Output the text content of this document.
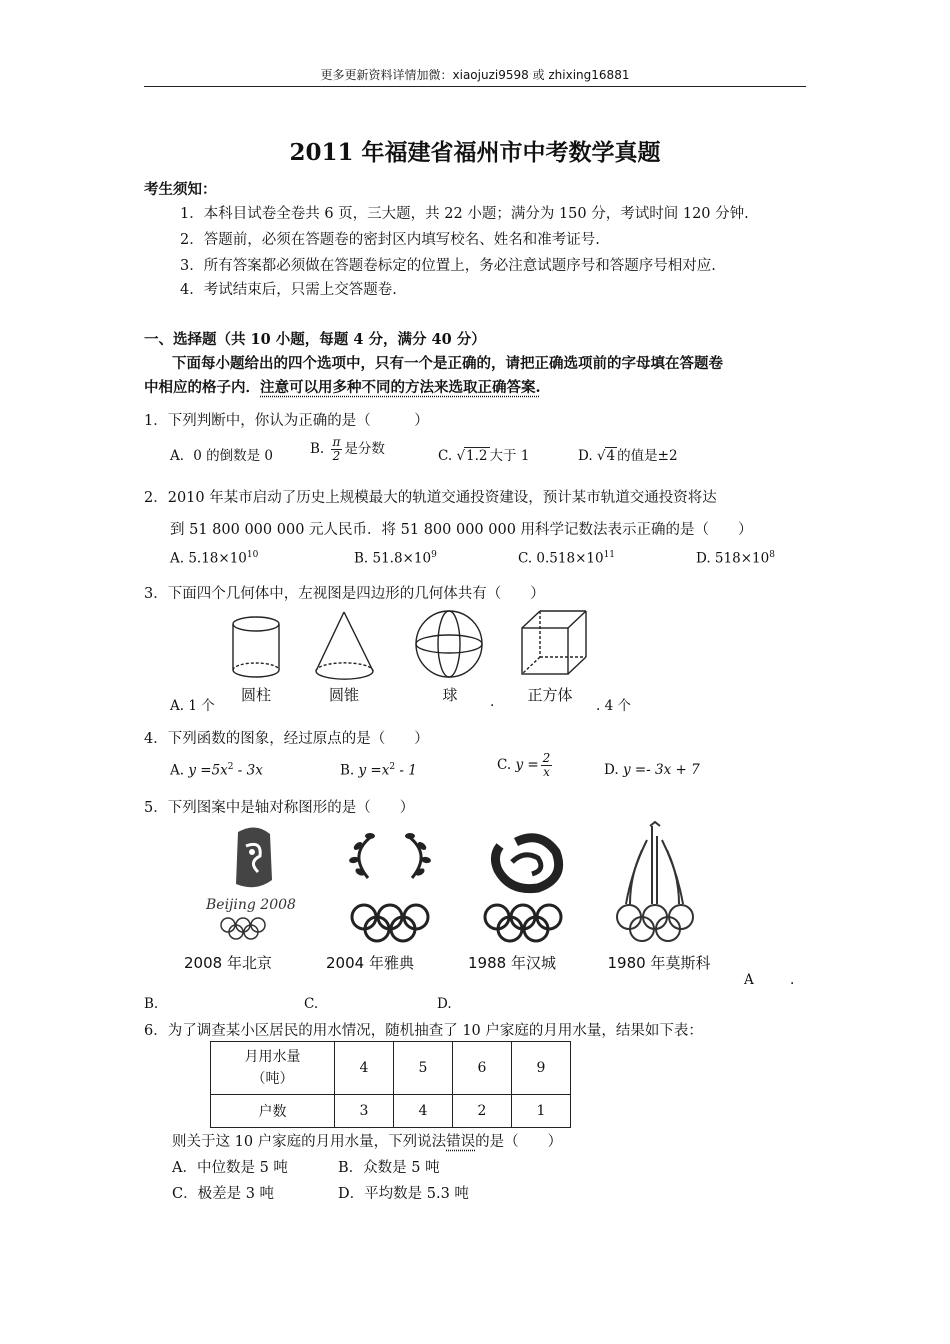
更多更新资料详情加微：xiaojuzi9598 或 zhixing16881
2011 年福建省福州市中考数学真题
考生须知：
1．本科目试卷全卷共 6 页，三大题，共 22 小题；满分为 150 分，考试时间 120 分钟.
2．答题前，必须在答题卷的密封区内填写校名、姓名和准考证号.
3．所有答案都必须做在答题卷标定的位置上，务必注意试题序号和答题序号相对应.
4．考试结束后，只需上交答题卷.
一、选择题（共 10 小题，每题 4 分，满分 40 分）
下面每小题给出的四个选项中，只有一个是正确的，请把正确选项前的字母填在答题卷
中相应的格子内．注意可以用多种不同的方法来选取正确答案.
1．下列判断中，你认为正确的是（　　　）
A．0 的倒数是 0	B. $\frac{\pi}{2}$ 是分数	C. √1.2 大于 1	D. √4 的值是±2
2．2010 年某市启动了历史上规模最大的轨道交通投资建设，预计某市轨道交通投资将达
到 51 800 000 000 元人民币．将 51 800 000 000 用科学记数法表示正确的是（　　）
A. $5.18\times 10^{10}$	B. $51.8\times 10^9$	C. $0.518\times 10^{11}$	D. $518\times 10^8$
3．下面四个几何体中，左视图是四边形的几何体共有（　　）
圆柱	圆锥	球	正方体
A. 1 个	.	. 4 个
4．下列函数的图象，经过原点的是（　　）
A. $y =5x^2 - 3x$	B. $y =x^2 - 1$	C. $y = \frac{2}{x}$	D. y =- 3x + 7
5．下列图案中是轴对称图形的是（　　）
Beijing 2008
2008 年北京	2004 年雅典	1988 年汉城	1980 年莫斯科
A	.
B.	C.	D.
6．为了调查某小区居民的用水情况，随机抽查了 10 户家庭的月用水量，结果如下表：
月用水量
（吨）	4	5	6	9
户数	3	4	2	1
则关于这 10 户家庭的月用水量，下列说法错误的是（　　）
A．中位数是 5 吨	B．众数是 5 吨
C．极差是 3 吨	D．平均数是 5.3 吨
